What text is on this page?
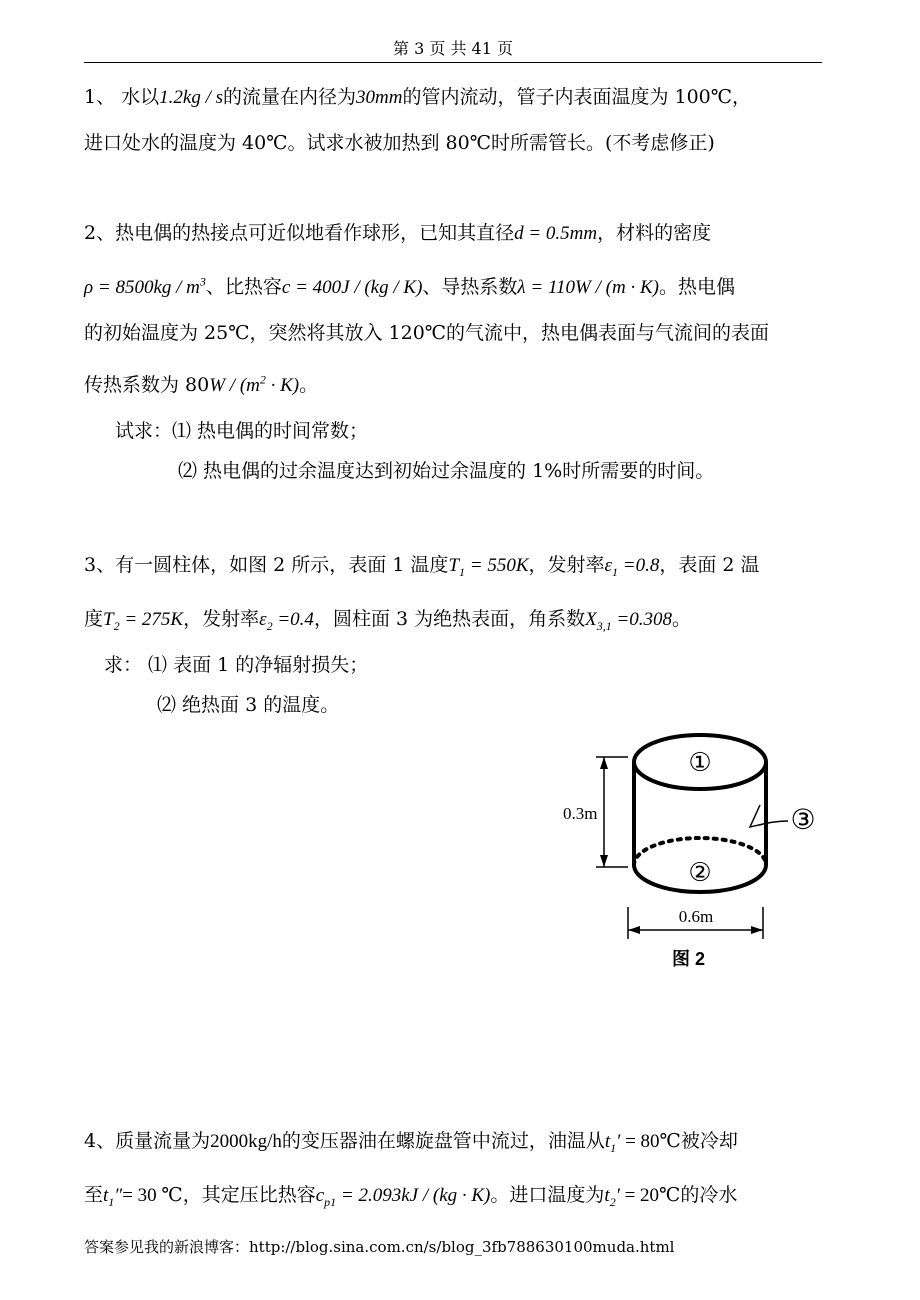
第 3 页 共 41 页
1、 水以1.2kg / s的流量在内径为30mm的管内流动，管子内表面温度为 100℃，
进口处水的温度为 40℃。试求水被加热到 80℃时所需管长。(不考虑修正)
2、热电偶的热接点可近似地看作球形，已知其直径d = 0.5mm，材料的密度
$\rho = 8500kg / m^3$、比热容c = 400J / (kg / K)、导热系数λ = 110W / (m · K)。热电偶
的初始温度为 25℃，突然将其放入 120℃的气流中，热电偶表面与气流间的表面
传热系数为 $80W / (m^2 \cdot K)$。
试求：⑴ 热电偶的时间常数；
⑵ 热电偶的过余温度达到初始过余温度的 1%时所需要的时间。
3、有一圆柱体，如图 2 所示，表面 1 温度$T_1 = 550K$，发射率$\varepsilon_1 =0.8$，表面 2 温
度$T_2 = 275K$，发射率$\varepsilon_2 =0.4$，圆柱面 3 为绝热表面，角系数$X_{3,1} =0.308$。
求： ⑴ 表面 1 的净辐射损失；
⑵ 绝热面 3 的温度。
①
②
③
0.3m
0.6m
图 2
4、质量流量为2000kg/h的变压器油在螺旋盘管中流过，油温从$t_1'$ = 80℃被冷却
至$t_1''= 30$ ℃，其定压比热容$c_{p1} = 2.093kJ / (kg \cdot K)$。进口温度为$t_2'$ = 20℃的冷水
答案参见我的新浪博客：http://blog.sina.com.cn/s/blog_3fb788630100muda.html
